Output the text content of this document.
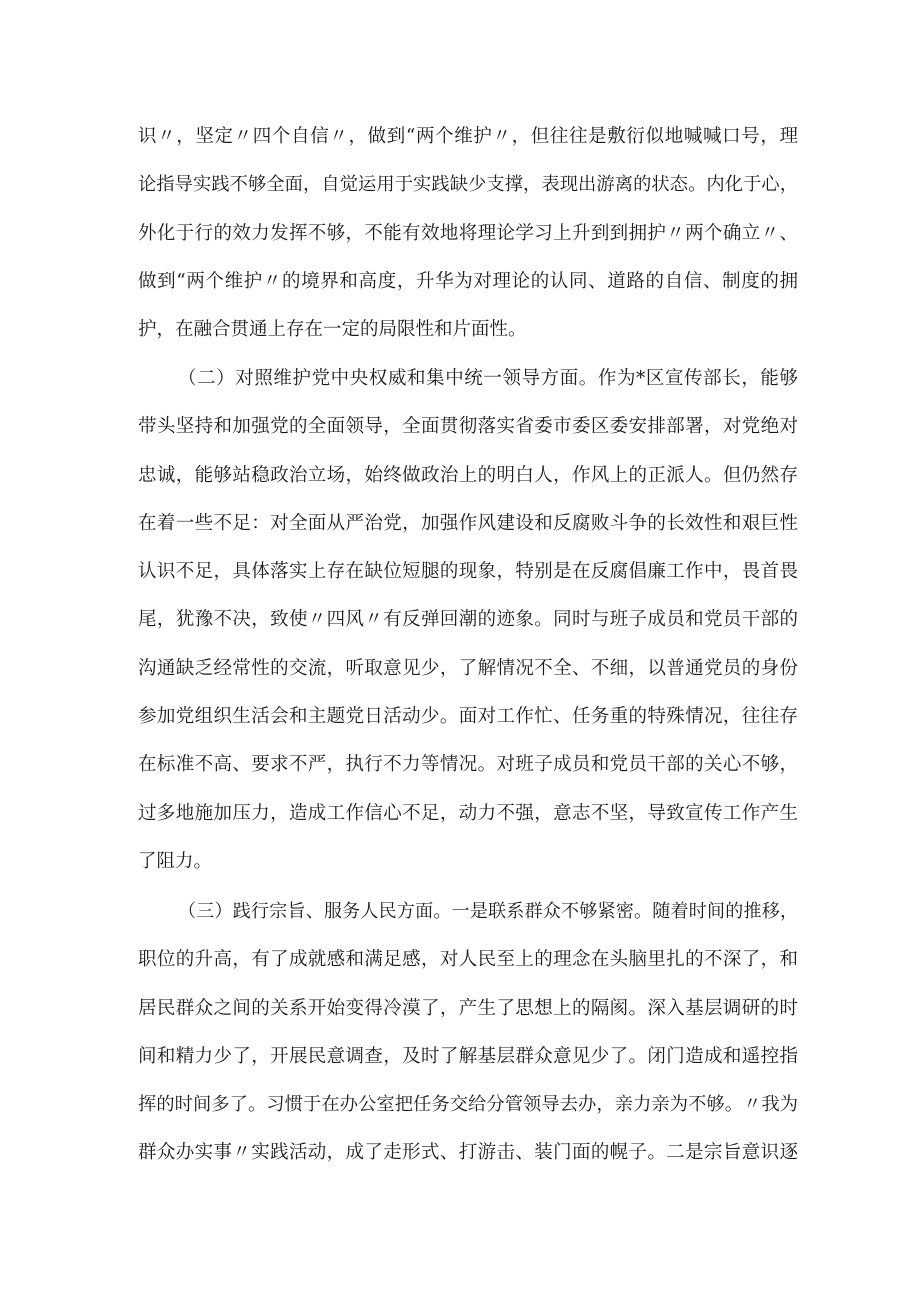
识〃，坚定〃四个自信〃，做到“两个维护〃，但往往是敷衍似地喊喊口号，理
论指导实践不够全面，自觉运用于实践缺少支撑，表现出游离的状态。内化于心，
外化于行的效力发挥不够，不能有效地将理论学习上升到到拥护〃两个确立〃、
做到“两个维护〃的境界和高度，升华为对理论的认同、道路的自信、制度的拥
护，在融合贯通上存在一定的局限性和片面性。
（二）对照维护党中央权威和集中统一领导方面。作为*区宣传部长，能够
带头坚持和加强党的全面领导，全面贯彻落实省委市委区委安排部署，对党绝对
忠诚，能够站稳政治立场，始终做政治上的明白人，作风上的正派人。但仍然存
在着一些不足：对全面从严治党，加强作风建设和反腐败斗争的长效性和艰巨性
认识不足，具体落实上存在缺位短腿的现象，特别是在反腐倡廉工作中，畏首畏
尾，犹豫不决，致使〃四风〃有反弹回潮的迹象。同时与班子成员和党员干部的
沟通缺乏经常性的交流，听取意见少，了解情况不全、不细，以普通党员的身份
参加党组织生活会和主题党日活动少。面对工作忙、任务重的特殊情况，往往存
在标准不高、要求不严，执行不力等情况。对班子成员和党员干部的关心不够，
过多地施加压力，造成工作信心不足，动力不强，意志不坚，导致宣传工作产生
了阻力。
（三）践行宗旨、服务人民方面。一是联系群众不够紧密。随着时间的推移，
职位的升高，有了成就感和满足感，对人民至上的理念在头脑里扎的不深了，和
居民群众之间的关系开始变得冷漠了，产生了思想上的隔阂。深入基层调研的时
间和精力少了，开展民意调查，及时了解基层群众意见少了。闭门造成和遥控指
挥的时间多了。习惯于在办公室把任务交给分管领导去办，亲力亲为不够。〃我为
群众办实事〃实践活动，成了走形式、打游击、装门面的幌子。二是宗旨意识逐
